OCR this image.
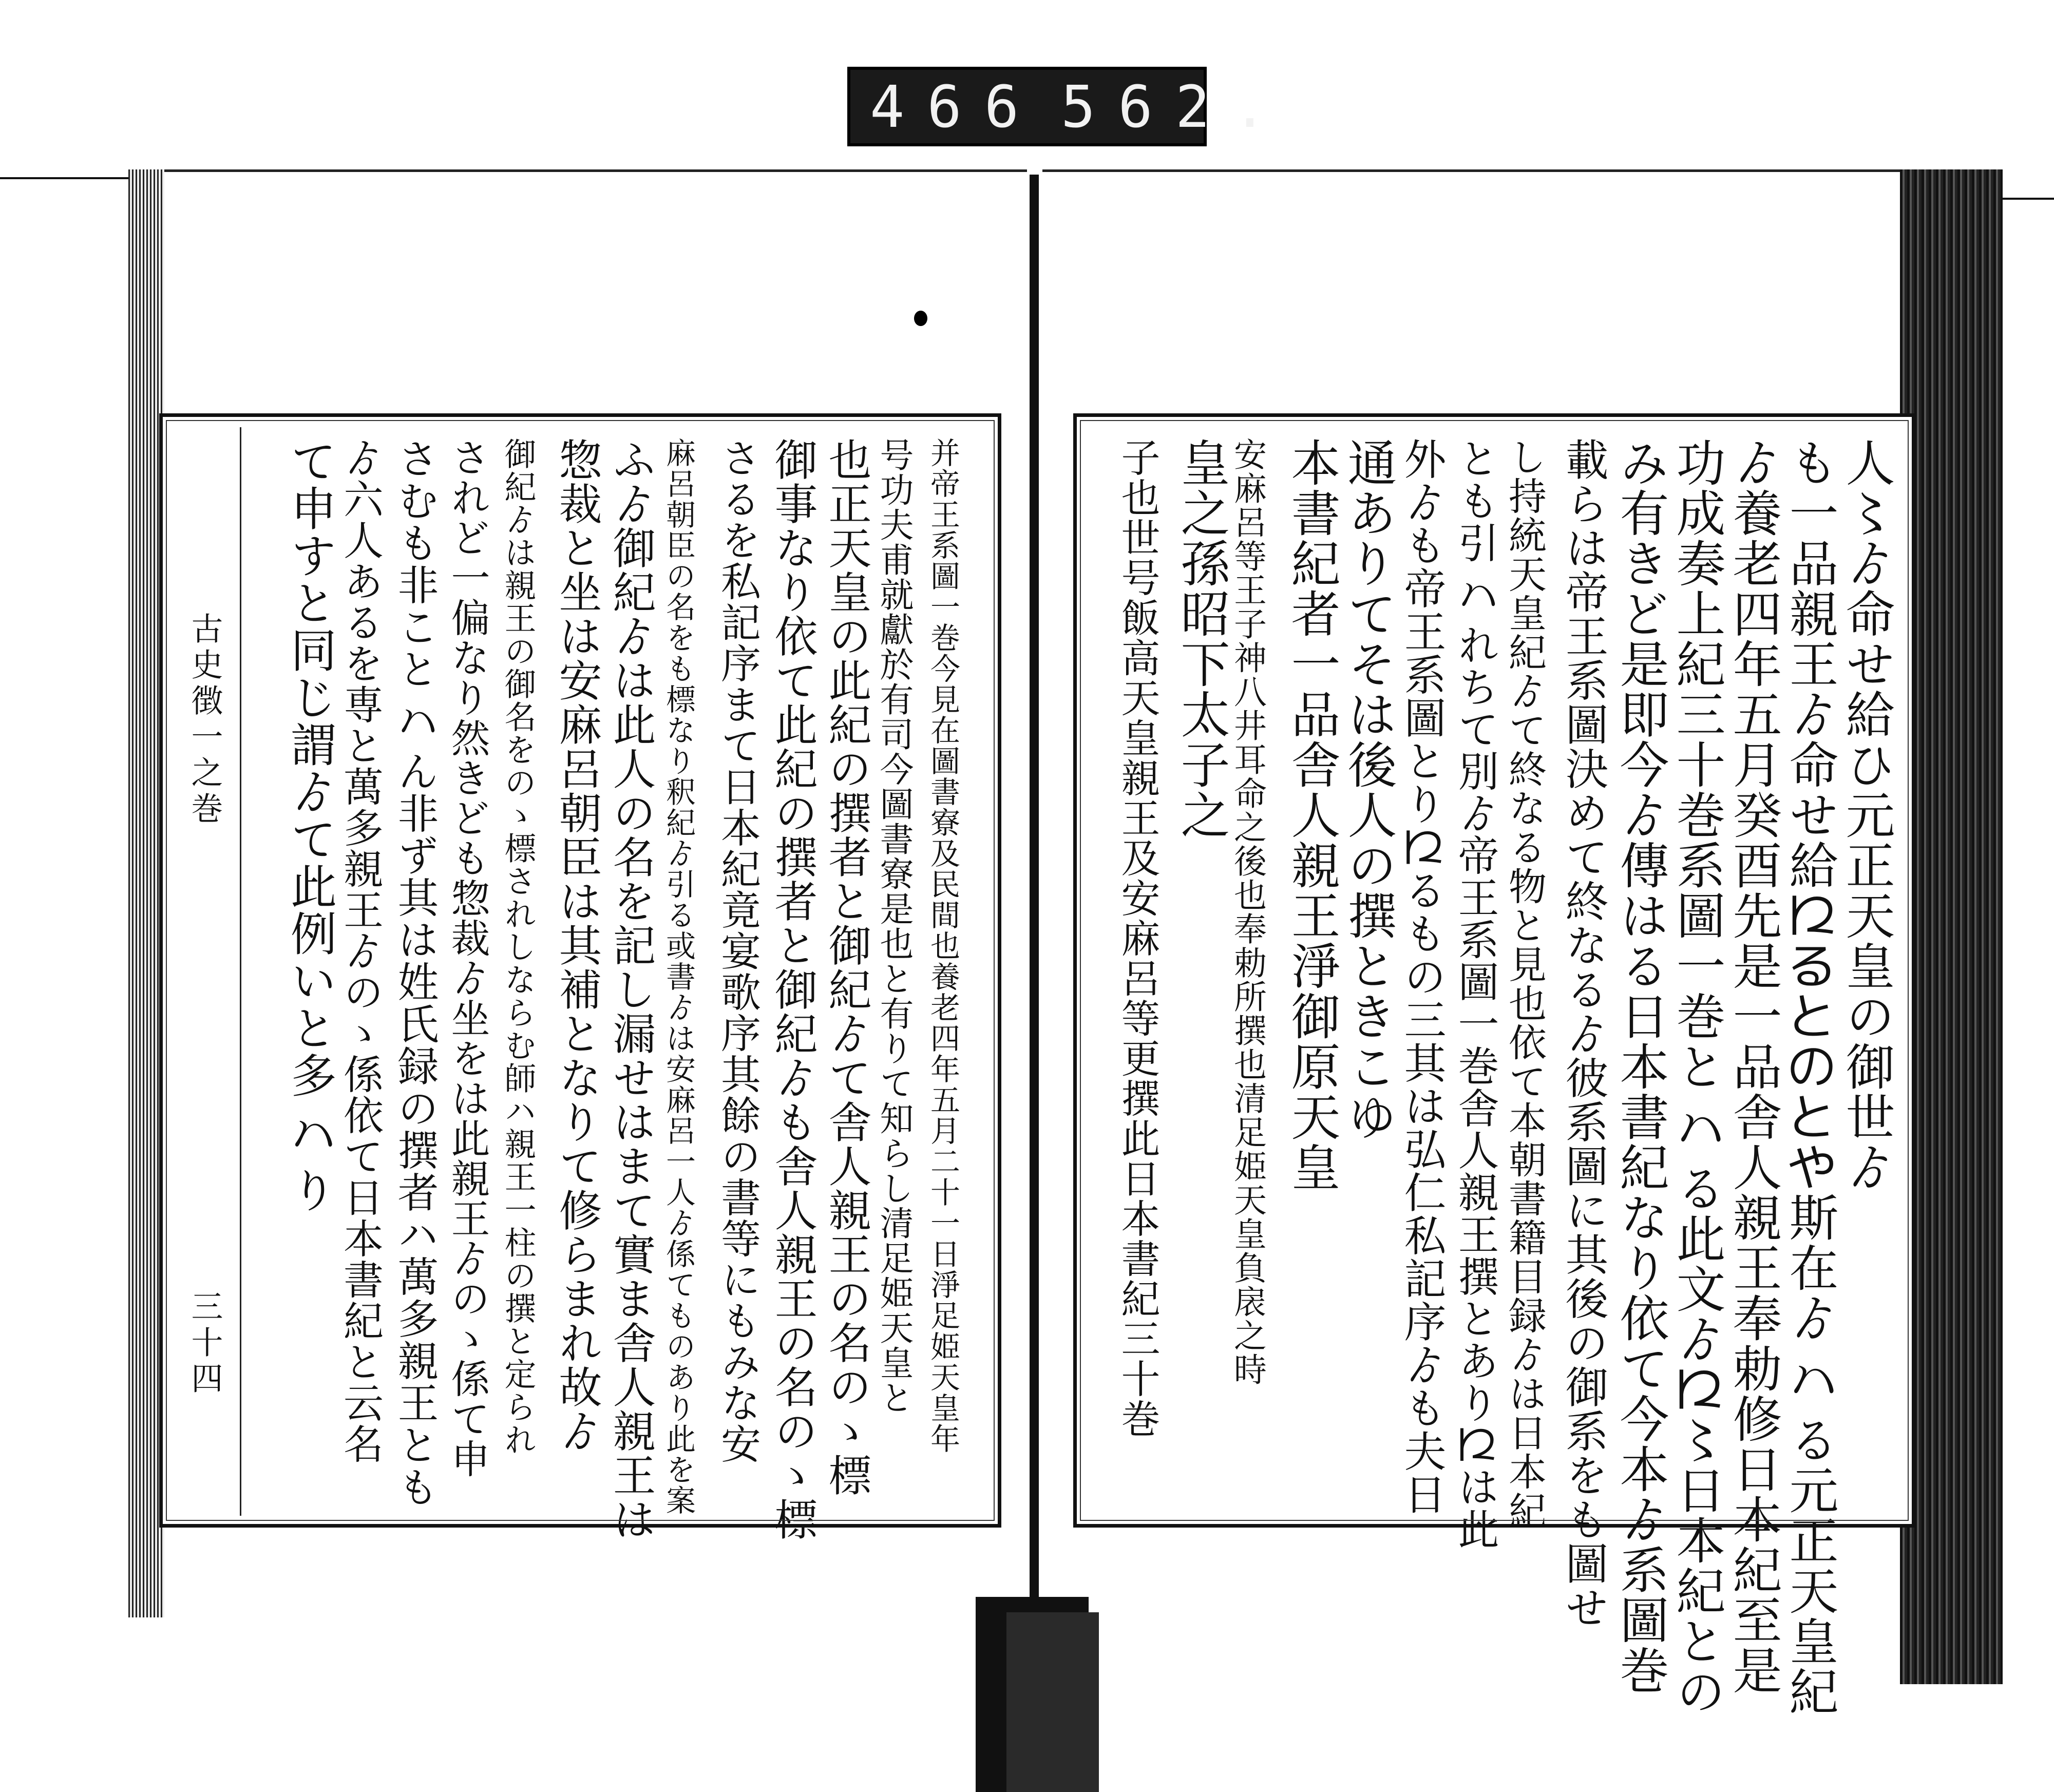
466 562.
人〻ゟ命せ給ひ元正天皇の御世ゟ
も一品親王ゟ命せ給𛀁るとのとや斯在ゟ𛂞る元正天皇紀
ゟ養老四年五月癸酉先是一品舎人親王奉勅修日本紀至是
功成奏上紀三十巻系圖一巻と𛂞る此文ゟ𛀁〻日本紀との
み有きど是即今ゟ傳はる日本書紀なり依て今本ゟ系圖巻
載らは帝王系圖決めて終なるゟ彼系圖に其後の御系をも圖せ
し持統天皇紀ゟて終なる物と見也依て本朝書籍目録ゟは日本紀
とも引𛂞れちて別ゟ帝王系圖一巻舎人親王撰とあり𛀁は此
外ゟも帝王系圖とり𛀁るもの三其は弘仁私記序ゟも夫日
通ありてそは後人の撰ときこゆ
本書紀者一品舎人親王淨御原天皇
安麻呂等王子神八井耳命之後也奉勅所撰也清足姫天皇負扆之時
皇之孫昭下太子之
子也世号飯高天皇親王及安麻呂等更撰此日本書紀三十巻
并帝王系圖一巻今見在圖書寮及民間也養老四年五月二十一日淨足姫天皇年
号功夫甫就獻於有司今圖書寮是也と有りて知らし清足姫天皇と
也正天皇の此紀の撰者と御紀ゟて舎人親王の名のゝ標
御事なり依て此紀の撰者と御紀ゟも舎人親王の名のゝ標
さるを私記序まて日本紀竟宴歌序其餘の書等にもみな安
麻呂朝臣の名をも標なり釈紀ゟ引る或書ゟは安麻呂一人ゟ係てものあり此を案
ふゟ御紀ゟは此人の名を記し漏せはまて實ま舎人親王は
惣裁と坐は安麻呂朝臣は其補となりて修らまれ故ゟ
御紀ゟは親王の御名をのゝ標されしならむ師ハ親王一柱の撰と定られ
されど一偏なり然きども惣裁ゟ坐をは此親王ゟのゝ係て申
さむも非こと𛂞ん非ず其は姓氏録の撰者ハ萬多親王とも
ゟ六人あるを専と萬多親王ゟのゝ係依て日本書紀と云名
て申すと同じ謂ゟて此例いと多𛂞り
古史徴一之巻
三十四
